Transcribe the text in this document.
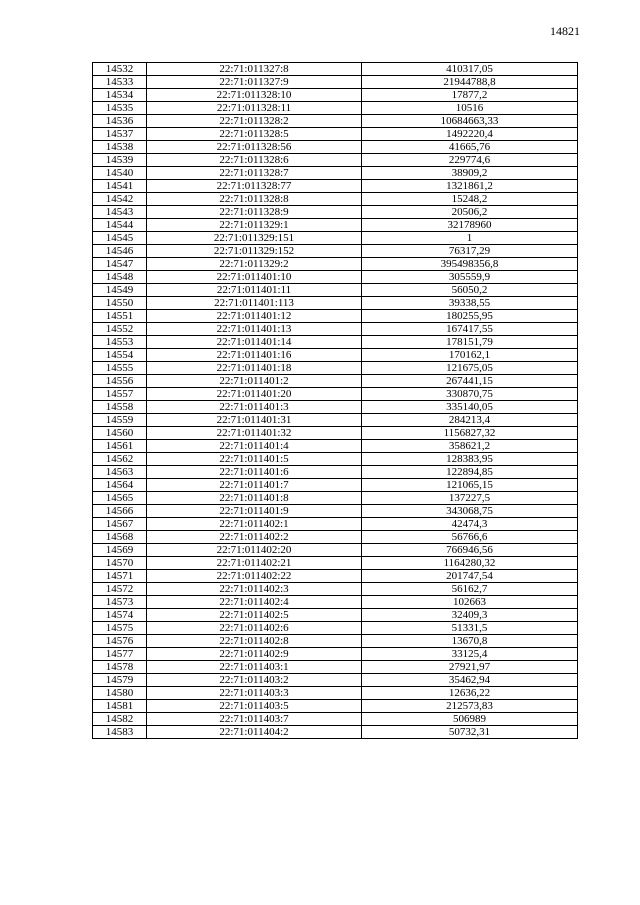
14821
14532	22:71:011327:8	410317,05
14533	22:71:011327:9	21944788,8
14534	22:71:011328:10	17877,2
14535	22:71:011328:11	10516
14536	22:71:011328:2	10684663,33
14537	22:71:011328:5	1492220,4
14538	22:71:011328:56	41665,76
14539	22:71:011328:6	229774,6
14540	22:71:011328:7	38909,2
14541	22:71:011328:77	1321861,2
14542	22:71:011328:8	15248,2
14543	22:71:011328:9	20506,2
14544	22:71:011329:1	32178960
14545	22:71:011329:151	1
14546	22:71:011329:152	76317,29
14547	22:71:011329:2	395498356,8
14548	22:71:011401:10	305559,9
14549	22:71:011401:11	56050,2
14550	22:71:011401:113	39338,55
14551	22:71:011401:12	180255,95
14552	22:71:011401:13	167417,55
14553	22:71:011401:14	178151,79
14554	22:71:011401:16	170162,1
14555	22:71:011401:18	121675,05
14556	22:71:011401:2	267441,15
14557	22:71:011401:20	330870,75
14558	22:71:011401:3	335140,05
14559	22:71:011401:31	284213,4
14560	22:71:011401:32	1156827,32
14561	22:71:011401:4	358621,2
14562	22:71:011401:5	128383,95
14563	22:71:011401:6	122894,85
14564	22:71:011401:7	121065,15
14565	22:71:011401:8	137227,5
14566	22:71:011401:9	343068,75
14567	22:71:011402:1	42474,3
14568	22:71:011402:2	56766,6
14569	22:71:011402:20	766946,56
14570	22:71:011402:21	1164280,32
14571	22:71:011402:22	201747,54
14572	22:71:011402:3	56162,7
14573	22:71:011402:4	102663
14574	22:71:011402:5	32409,3
14575	22:71:011402:6	51331,5
14576	22:71:011402:8	13670,8
14577	22:71:011402:9	33125,4
14578	22:71:011403:1	27921,97
14579	22:71:011403:2	35462,94
14580	22:71:011403:3	12636,22
14581	22:71:011403:5	212573,83
14582	22:71:011403:7	506989
14583	22:71:011404:2	50732,31
